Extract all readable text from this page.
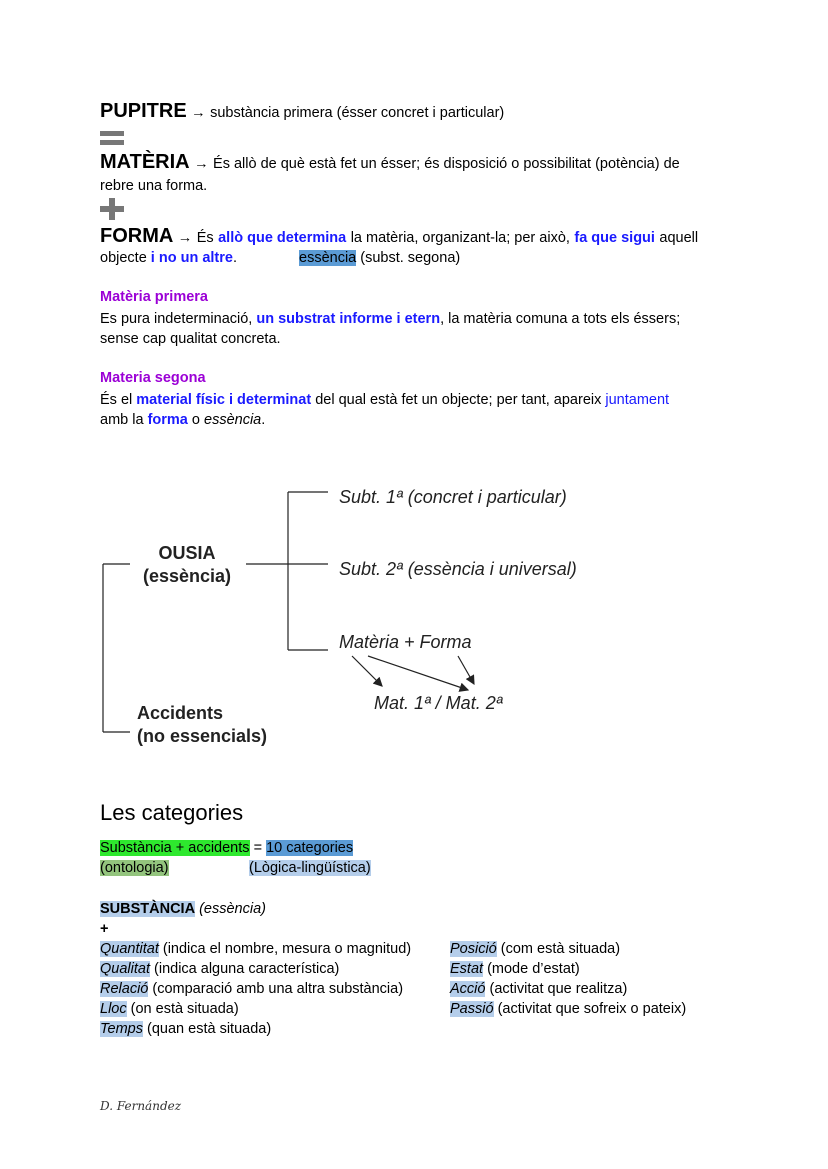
PUPITRE → substància primera (ésser concret i particular)
MATÈRIA → És allò de què està fet un ésser; és disposició o possibilitat (potència) de
rebre una forma.
FORMA → És allò que determina la matèria, organizant-la; per això, fa que sigui aquell
objecte i no un altre.	essència (subst. segona)
Matèria primera
Es pura indeterminació, un substrat informe i etern, la matèria comuna a tots els éssers;
sense cap qualitat concreta.
Materia segona
És el material físic i determinat del qual està fet un objecte; per tant, apareix juntament
amb la forma o essència.
OUSIA
(essència)
Subt. 1ª (concret i particular)
Subt. 2ª (essència i universal)
Matèria + Forma
Mat. 1ª / Mat. 2ª
Accidents
(no essencials)
Les categories
Substància + accidents = 10 categories
(ontologia)	(Lògica-lingüística)
SUBSTÀNCIA (essència)
+
Quantitat (indica el nombre, mesura o magnitud)
Qualitat (indica alguna característica)
Relació (comparació amb una altra substància)
Lloc (on està situada)
Temps (quan està situada)
Posició (com està situada)
Estat (mode d’estat)
Acció (activitat que realitza)
Passió (activitat que sofreix o pateix)
D. Fernández
